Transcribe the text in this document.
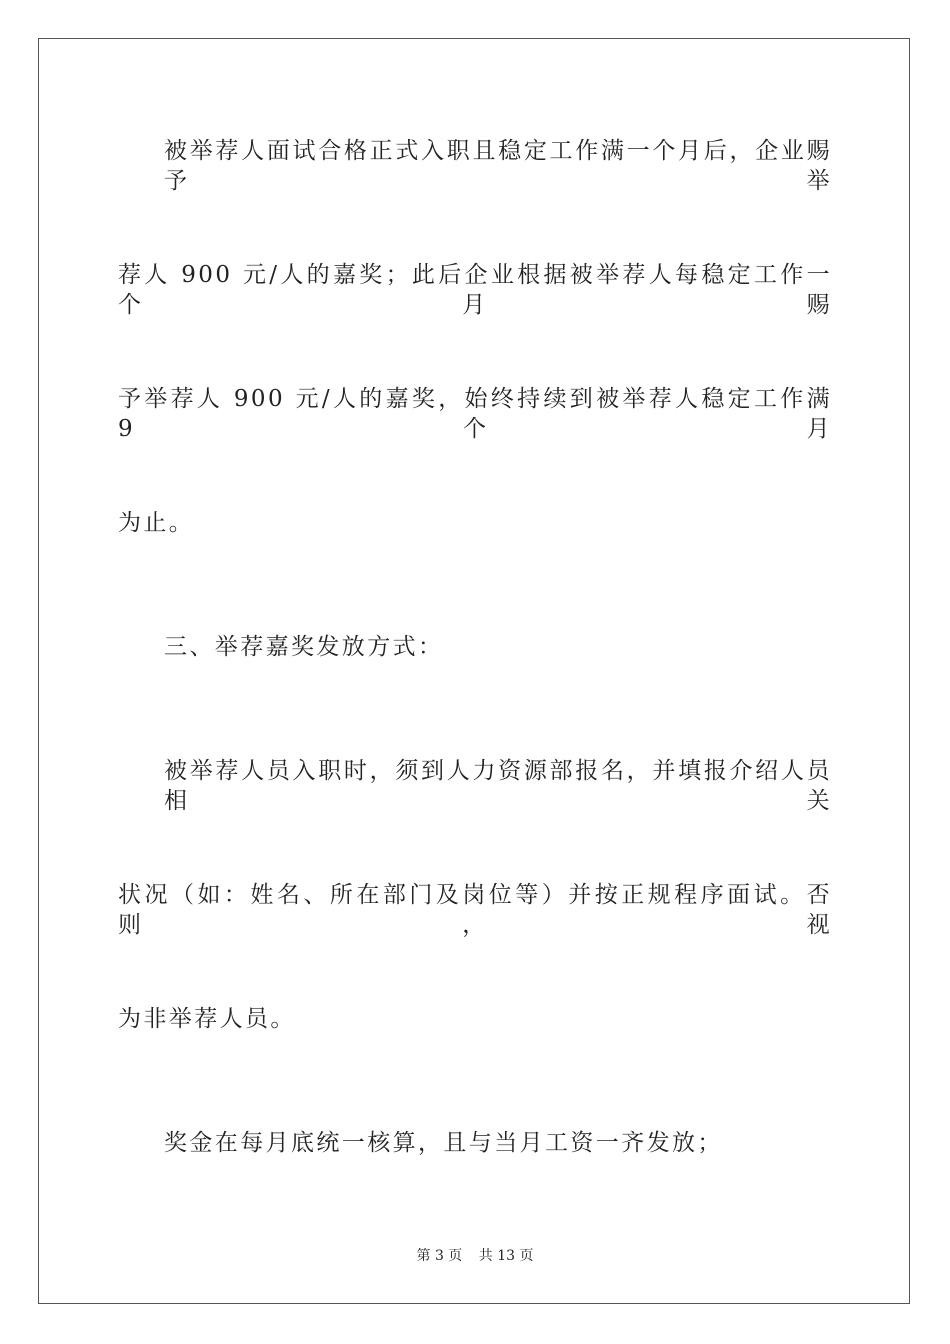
被举荐人面试合格正式入职且稳定工作满一个月后，企业赐予举
荐人 900 元/人的嘉奖；此后企业根据被举荐人每稳定工作一个月赐
予举荐人 900 元/人的嘉奖，始终持续到被举荐人稳定工作满 9 个月
为止。
三、举荐嘉奖发放方式：
被举荐人员入职时，须到人力资源部报名，并填报介绍人员相关
状况（如：姓名、所在部门及岗位等）并按正规程序面试。否则，视
为非举荐人员。
奖金在每月底统一核算，且与当月工资一齐发放；
第 3 页 共 13 页
